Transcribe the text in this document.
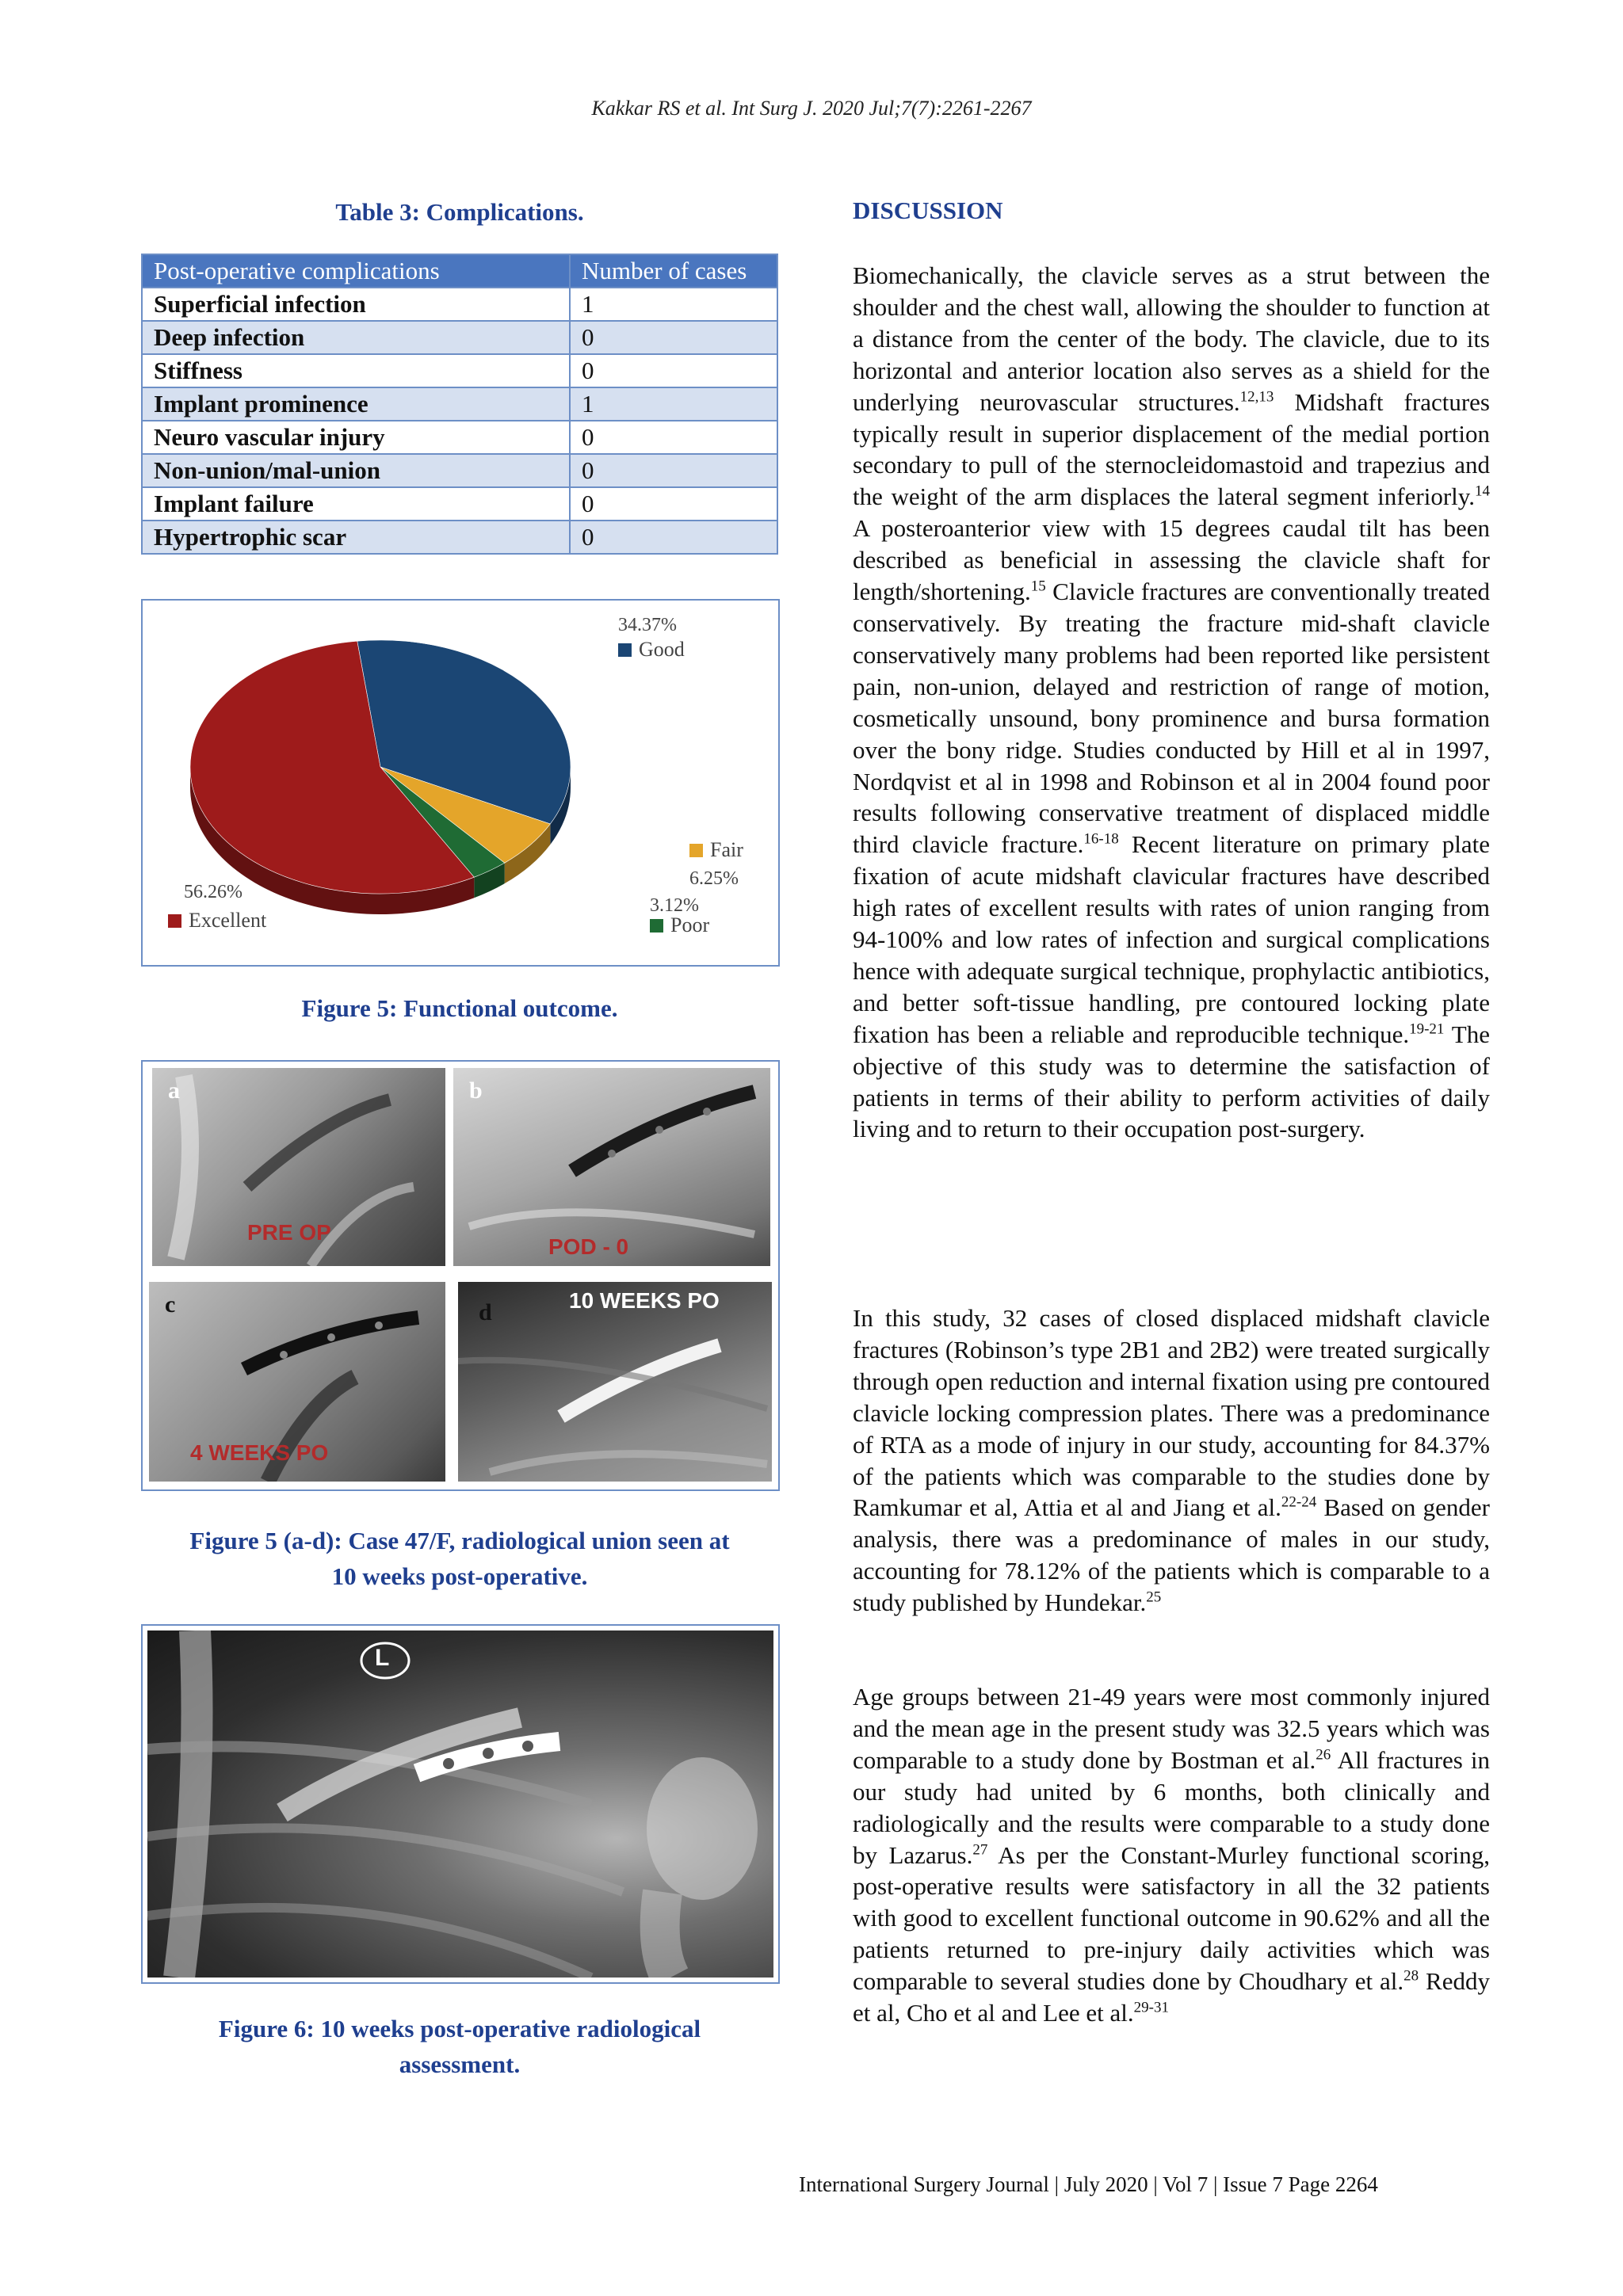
Kakkar RS et al. Int Surg J. 2020 Jul;7(7):2261-2267
Table 3: Complications.
Post-operative complications	Number of cases
Superficial infection	1
Deep infection	0
Stiffness	0
Implant prominence	1
Neuro vascular injury	0
Non-union/mal-union	0
Implant failure	0
Hypertrophic scar	0
56.26%
Excellent
34.37%
Good
6.25%
Fair
3.12%
Poor
Figure 5: Functional outcome.
a
PRE OP
b
POD - 0
c
4 WEEKS PO
d	10 WEEKS PO
Figure 5 (a-d): Case 47/F, radiological union seen at
10 weeks post-operative.
L
Figure 6: 10 weeks post-operative radiological
assessment.
DISCUSSION
Biomechanically, the clavicle serves as a strut between the shoulder and the chest wall, allowing the shoulder to function at a distance from the center of the body. The clavicle, due to its horizontal and anterior location also serves as a shield for the underlying neurovascular structures.$^{12,13}$ Midshaft fractures typically result in superior displacement of the medial portion secondary to pull of the sternocleidomastoid and trapezius and the weight of the arm displaces the lateral segment inferiorly.$^{14}$ A posteroanterior view with 15 degrees caudal tilt has been described as beneficial in assessing the clavicle shaft for length/shortening.$^{15}$ Clavicle fractures are conventionally treated conservatively. By treating the fracture mid-shaft clavicle conservatively many problems had been reported like persistent pain, non-union, delayed and restriction of range of motion, cosmetically unsound, bony prominence and bursa formation over the bony ridge. Studies conducted by Hill et al in 1997, Nordqvist et al in 1998 and Robinson et al in 2004 found poor results following conservative treatment of displaced middle third clavicle fracture.$^{16-18}$ Recent literature on primary plate fixation of acute midshaft clavicular fractures have described high rates of excellent results with rates of union ranging from 94-100% and low rates of infection and surgical complications hence with adequate surgical technique, prophylactic antibiotics, and better soft-tissue handling, pre contoured locking plate fixation has been a reliable and reproducible technique.$^{19-21}$ The objective of this study was to determine the satisfaction of patients in terms of their ability to perform activities of daily living and to return to their occupation post-surgery.
In this study, 32 cases of closed displaced midshaft clavicle fractures (Robinson’s type 2B1 and 2B2) were treated surgically through open reduction and internal fixation using pre contoured clavicle locking compression plates. There was a predominance of RTA as a mode of injury in our study, accounting for 84.37% of the patients which was comparable to the studies done by Ramkumar et al, Attia et al and Jiang et al.$^{22-24}$ Based on gender analysis, there was a predominance of males in our study, accounting for 78.12% of the patients which is comparable to a study published by Hundekar.$^{25}$
Age groups between 21-49 years were most commonly injured and the mean age in the present study was 32.5 years which was comparable to a study done by Bostman et al.$^{26}$ All fractures in our study had united by 6 months, both clinically and radiologically and the results were comparable to a study done by Lazarus.$^{27}$ As per the Constant-Murley functional scoring, post-operative results were satisfactory in all the 32 patients with good to excellent functional outcome in 90.62% and all the patients returned to pre-injury daily activities which was comparable to several studies done by Choudhary et al.$^{28}$ Reddy et al, Cho et al and Lee et al.$^{29-31}$
International Surgery Journal | July 2020 | Vol 7 | Issue 7 Page 2264
